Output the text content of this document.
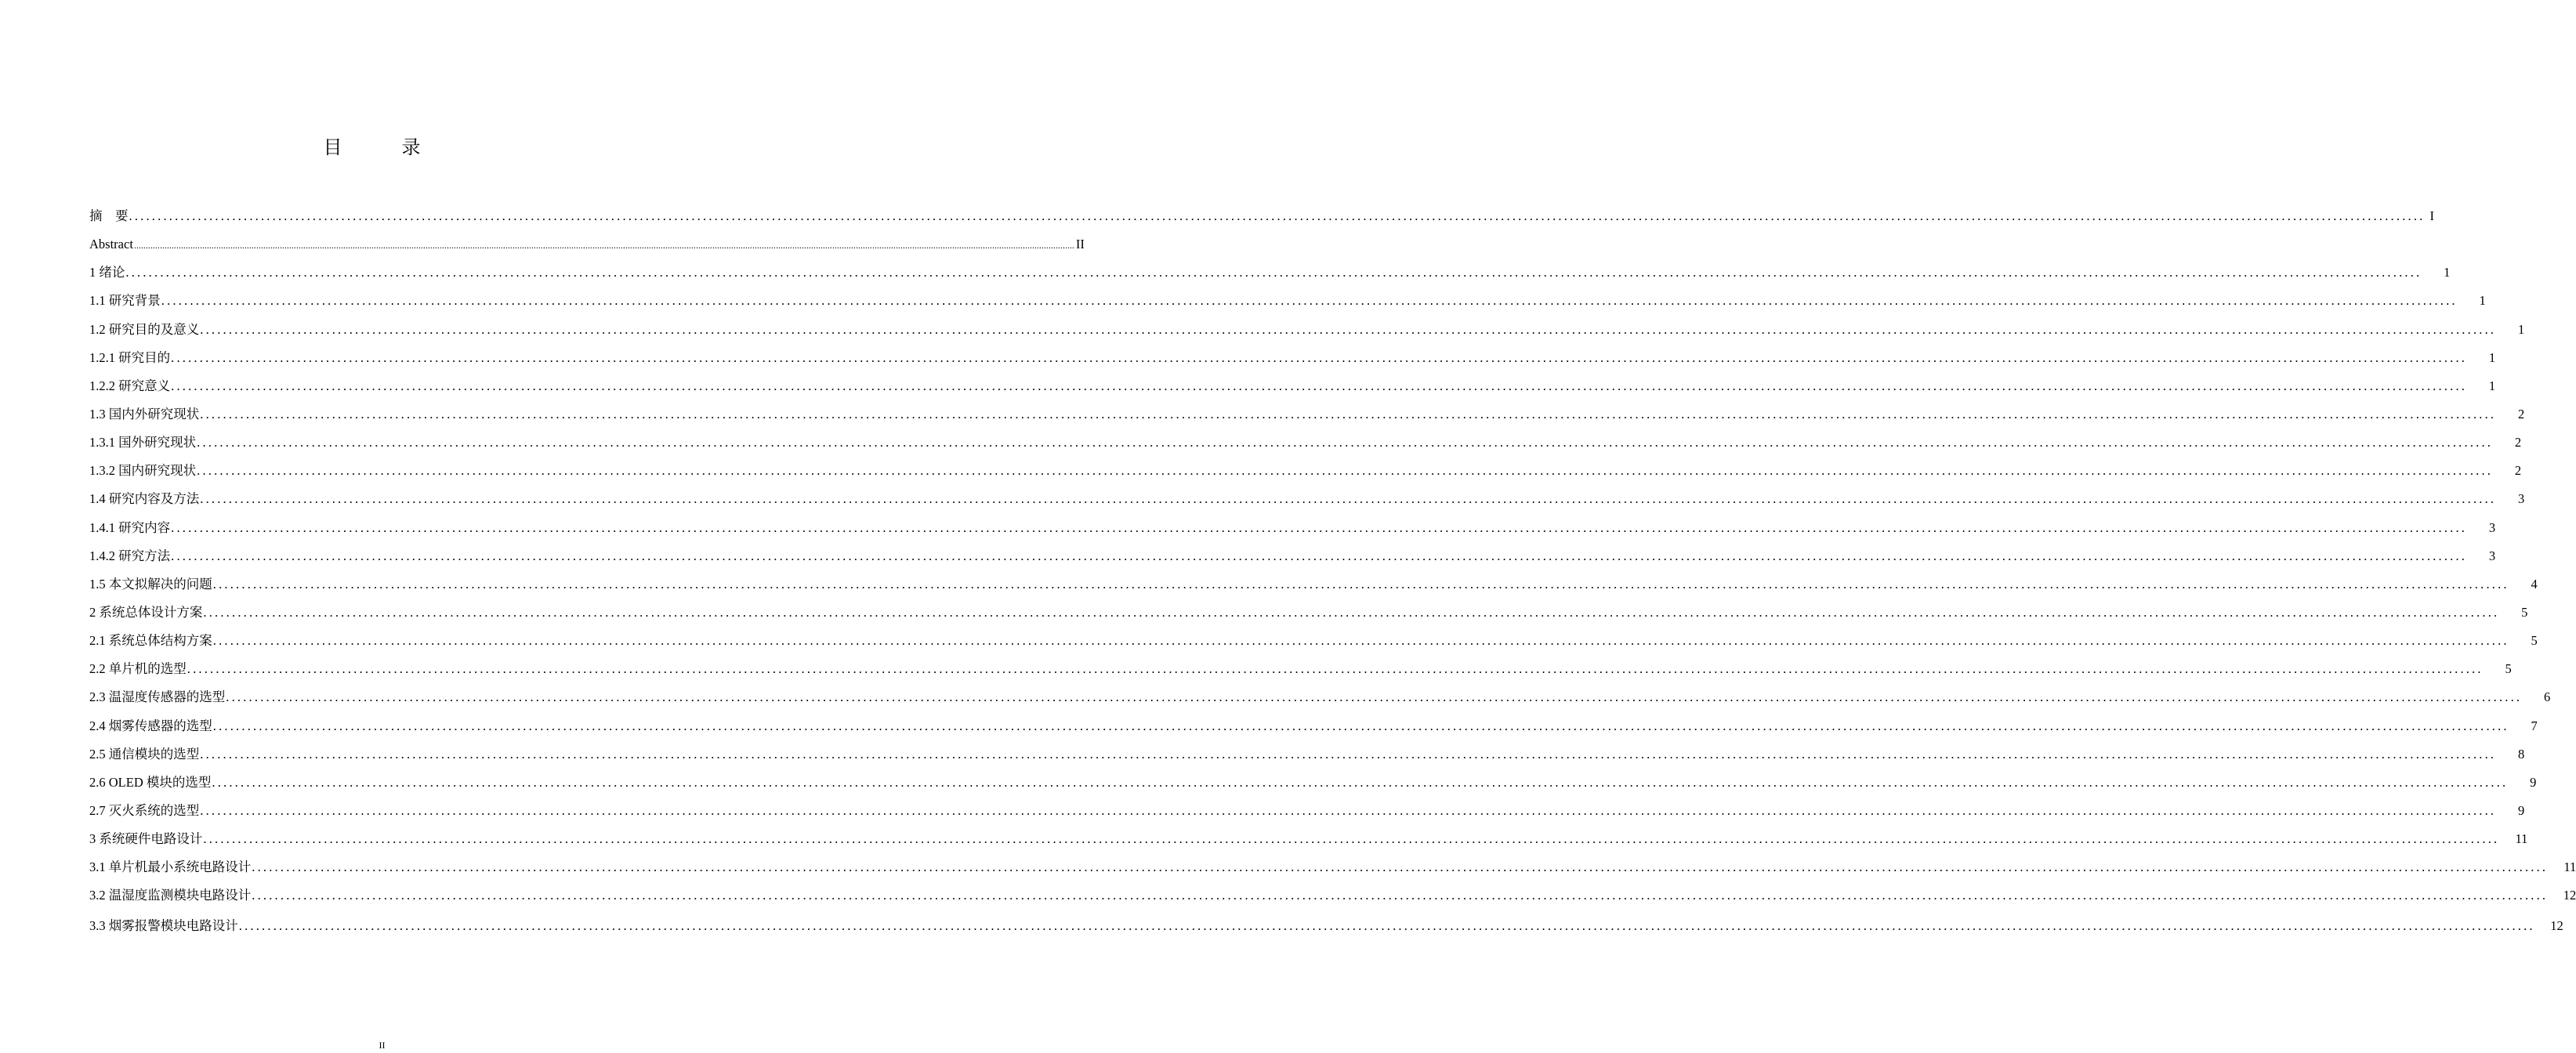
目　录
摘　要 ................................................................................................................................................................................................................................................................................................................................................................................................................ I
Abstract ................................................................................................................................................................................................................................................................................................................................................................................................................ II
1 绪论 ................................................................................................................................................................................................................................................................................................................................................................................................................	1
1.1 研究背景 ................................................................................................................................................................................................................................................................................................................................................................................................................	1
1.2 研究目的及意义 ................................................................................................................................................................................................................................................................................................................................................................................................................	1
1.2.1 研究目的 ................................................................................................................................................................................................................................................................................................................................................................................................................	1
1.2.2 研究意义 ................................................................................................................................................................................................................................................................................................................................................................................................................	1
1.3 国内外研究现状 ................................................................................................................................................................................................................................................................................................................................................................................................................	2
1.3.1 国外研究现状 ................................................................................................................................................................................................................................................................................................................................................................................................................	2
1.3.2 国内研究现状 ................................................................................................................................................................................................................................................................................................................................................................................................................	2
1.4 研究内容及方法 ................................................................................................................................................................................................................................................................................................................................................................................................................	3
1.4.1 研究内容 ................................................................................................................................................................................................................................................................................................................................................................................................................	3
1.4.2 研究方法 ................................................................................................................................................................................................................................................................................................................................................................................................................	3
1.5 本文拟解决的问题 ................................................................................................................................................................................................................................................................................................................................................................................................................	4
2 系统总体设计方案 ................................................................................................................................................................................................................................................................................................................................................................................................................	5
2.1 系统总体结构方案 ................................................................................................................................................................................................................................................................................................................................................................................................................	5
2.2 单片机的选型 ................................................................................................................................................................................................................................................................................................................................................................................................................	5
2.3 温湿度传感器的选型 ................................................................................................................................................................................................................................................................................................................................................................................................................	6
2.4 烟雾传感器的选型 ................................................................................................................................................................................................................................................................................................................................................................................................................	7
2.5 通信模块的选型 ................................................................................................................................................................................................................................................................................................................................................................................................................	8
2.6 OLED 模块的选型 ................................................................................................................................................................................................................................................................................................................................................................................................................	9
2.7 灭火系统的选型 ................................................................................................................................................................................................................................................................................................................................................................................................................	9
3 系统硬件电路设计 ................................................................................................................................................................................................................................................................................................................................................................................................................	11
3.1 单片机最小系统电路设计 ................................................................................................................................................................................................................................................................................................................................................................................................................	11
3.2 温湿度监测模块电路设计 ................................................................................................................................................................................................................................................................................................................................................................................................................	12
3.3 烟雾报警模块电路设计 ................................................................................................................................................................................................................................................................................................................................................................................................................	12
II
